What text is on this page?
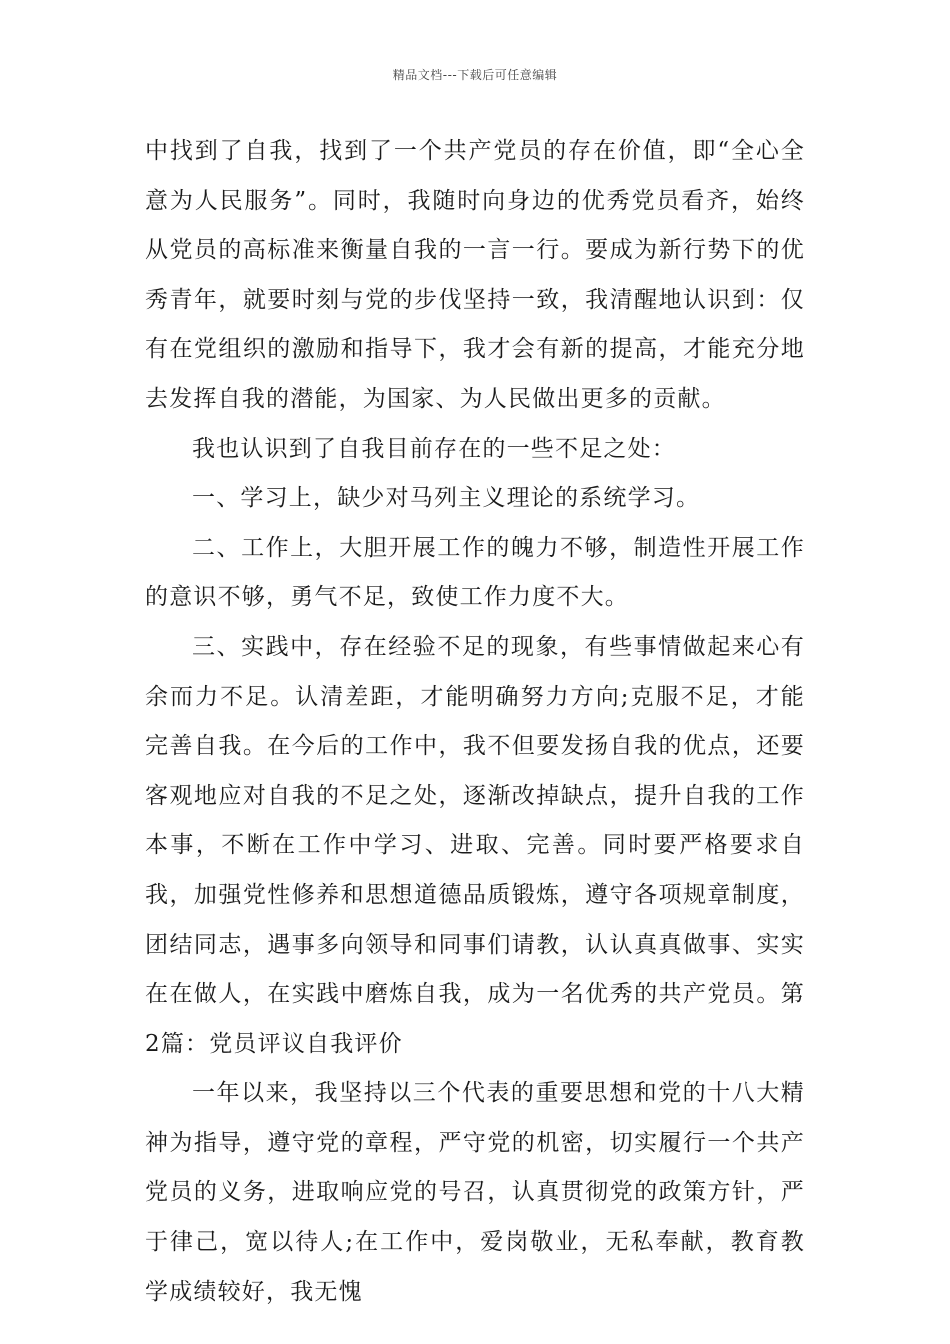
精品文档---下载后可任意编辑

中找到了自我，找到了一个共产党员的存在价值，即“全心全意为人民服务”。同时，我随时向身边的优秀党员看齐，始终从党员的高标准来衡量自我的一言一行。要成为新行势下的优秀青年，就要时刻与党的步伐坚持一致，我清醒地认识到：仅有在党组织的激励和指导下，我才会有新的提高，才能充分地去发挥自我的潜能，为国家、为人民做出更多的贡献。

我也认识到了自我目前存在的一些不足之处：

一、学习上，缺少对马列主义理论的系统学习。

二、工作上，大胆开展工作的魄力不够，制造性开展工作的意识不够，勇气不足，致使工作力度不大。

三、实践中，存在经验不足的现象，有些事情做起来心有余而力不足。认清差距，才能明确努力方向;克服不足，才能完善自我。在今后的工作中，我不但要发扬自我的优点，还要客观地应对自我的不足之处，逐渐改掉缺点，提升自我的工作本事，不断在工作中学习、进取、完善。同时要严格要求自我，加强党性修养和思想道德品质锻炼，遵守各项规章制度，团结同志，遇事多向领导和同事们请教，认认真真做事、实实在在做人，在实践中磨炼自我，成为一名优秀的共产党员。第2篇：党员评议自我评价

一年以来，我坚持以三个代表的重要思想和党的十八大精神为指导，遵守党的章程，严守党的机密，切实履行一个共产党员的义务，进取响应党的号召，认真贯彻党的政策方针，严于律己，宽以待人;在工作中，爱岗敬业，无私奉献，教育教学成绩较好，我无愧
